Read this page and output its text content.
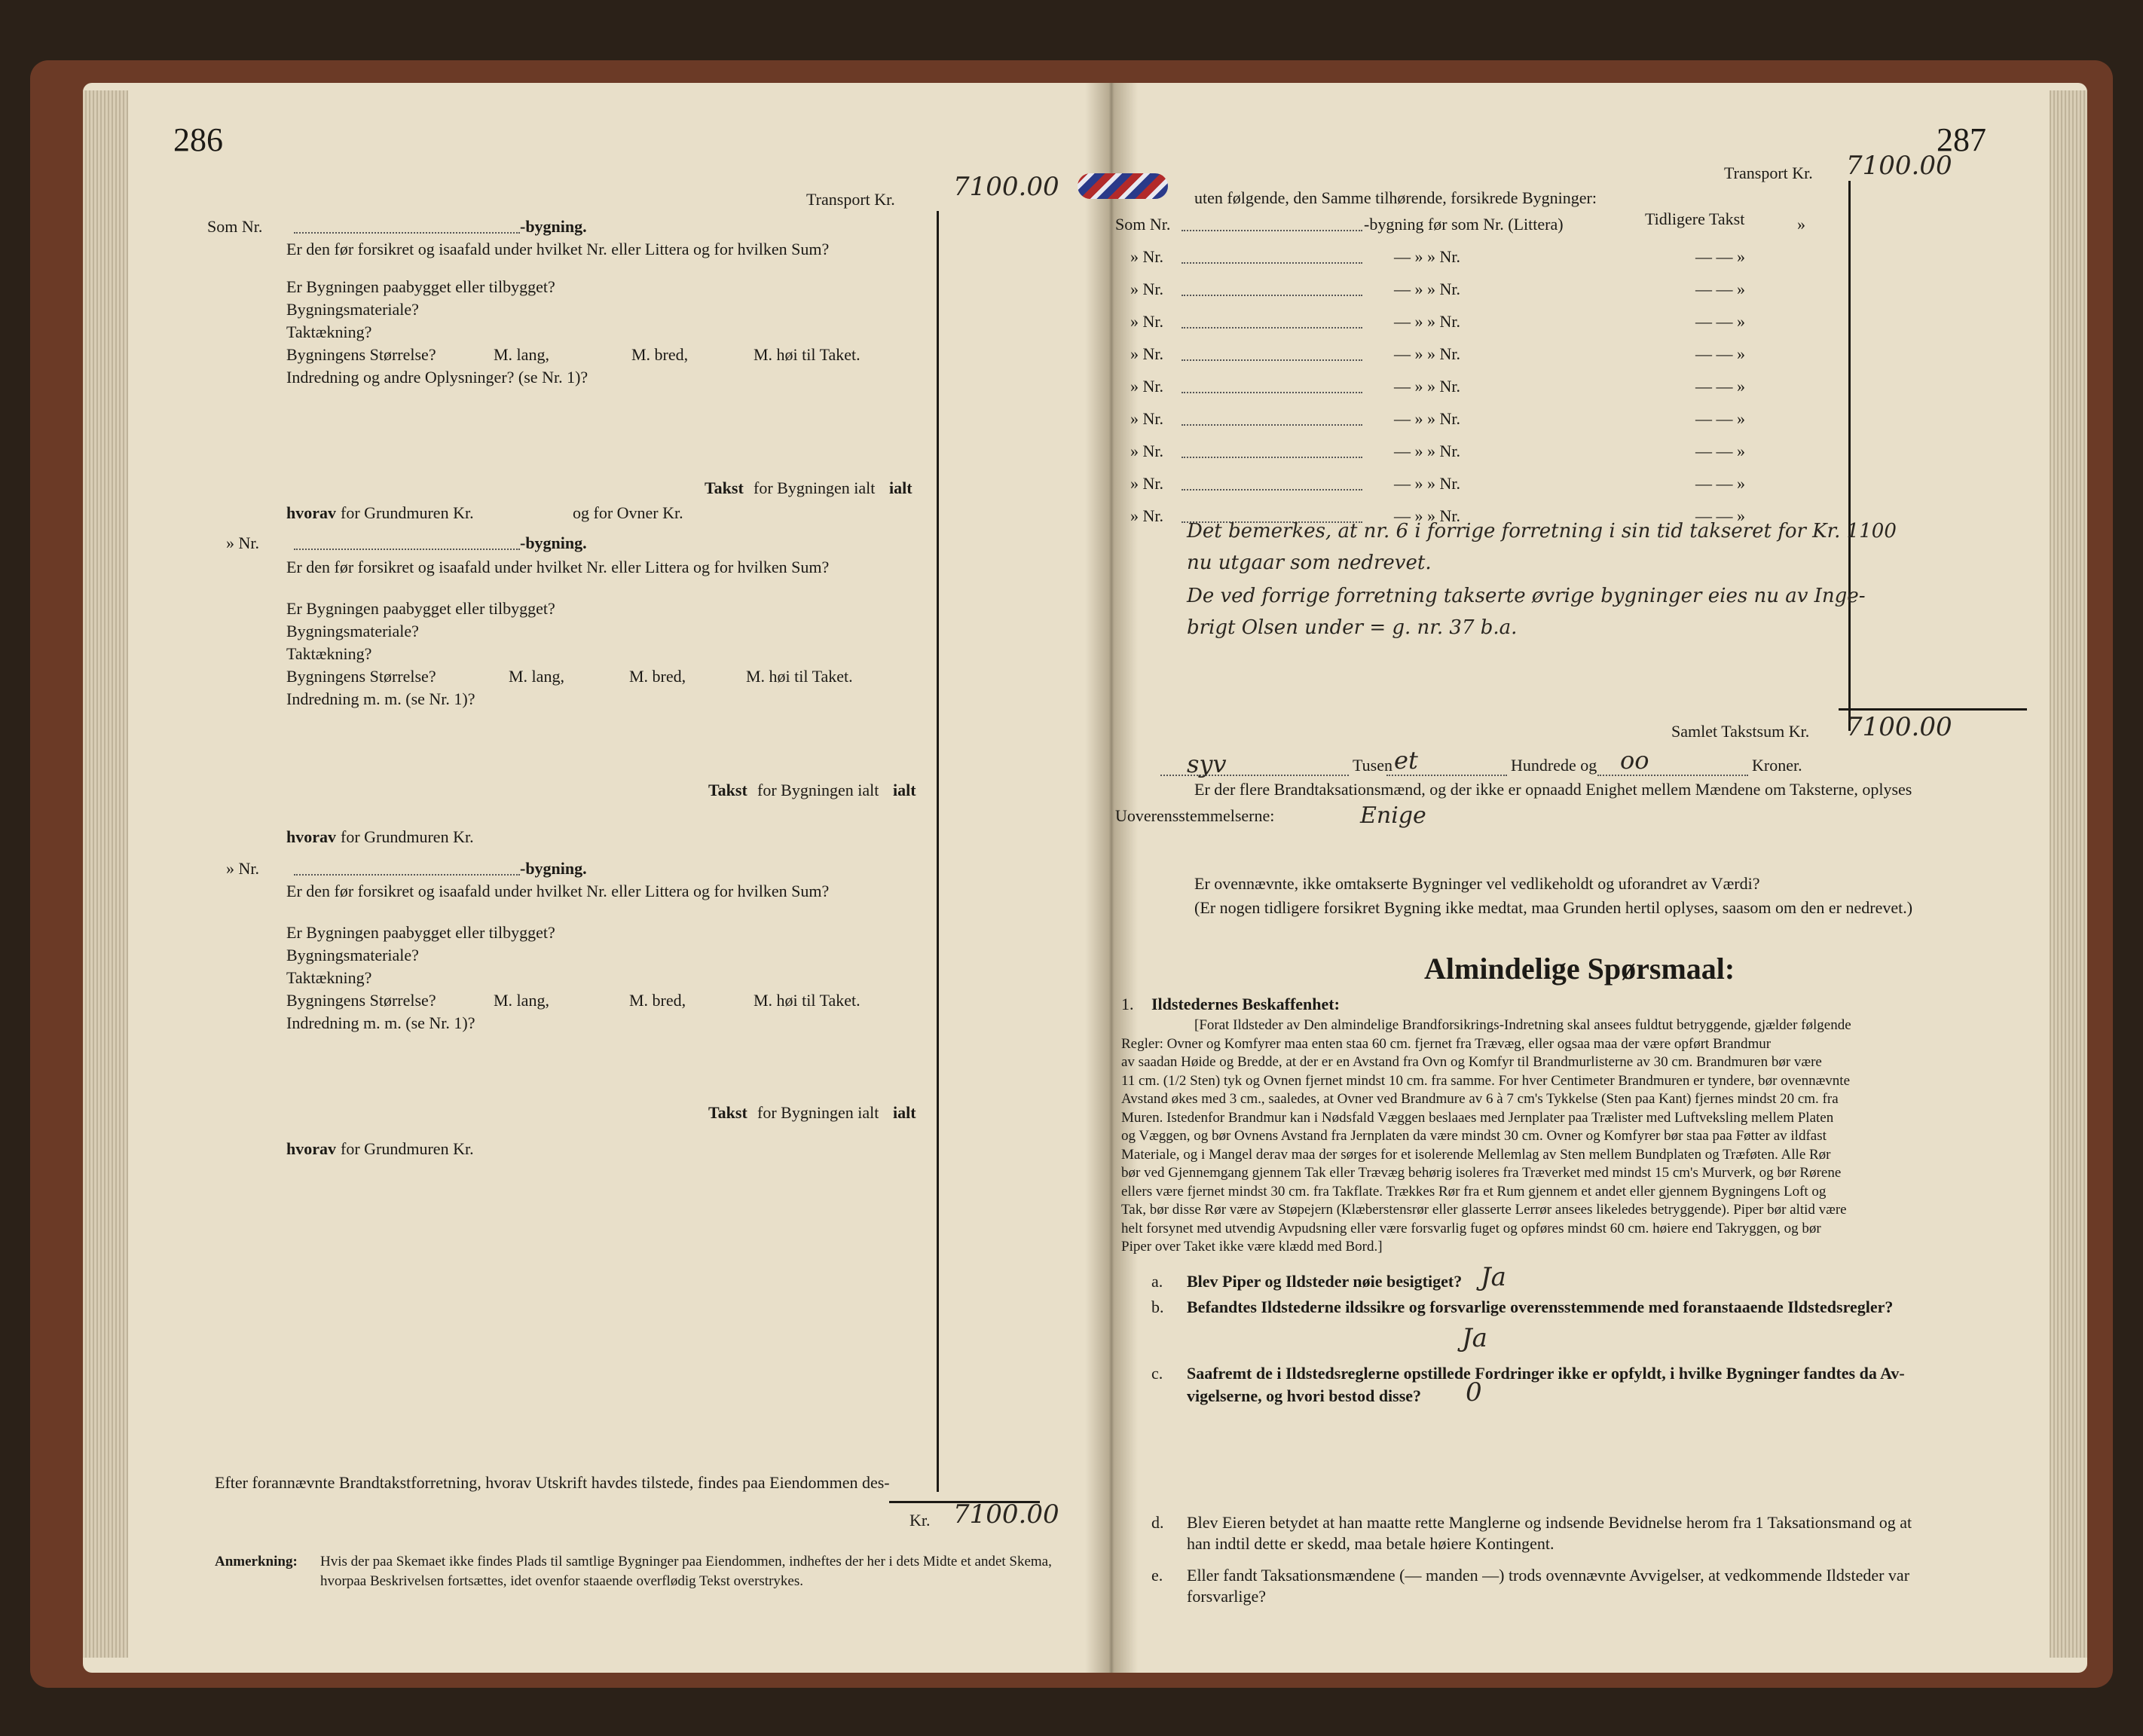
286
Transport Kr. 7100.00
Som Nr.	-bygning.
Er den før forsikret og isaafald under hvilket Nr. eller Littera og for hvilken Sum?
Er Bygningen paabygget eller tilbygget?
Bygningsmateriale?
Taktækning?
Bygningens Størrelse?	M. lang,	M. bred,	M. høi til Taket.
Indredning og andre Oplysninger? (se Nr. 1)?
Takst for Bygningen ialt ialt
hvorav for Grundmuren Kr.	og for Ovner Kr.
» Nr.	-bygning.
Er den før forsikret og isaafald under hvilket Nr. eller Littera og for hvilken Sum?
Er Bygningen paabygget eller tilbygget?
Bygningsmateriale?
Taktækning?
Bygningens Størrelse?	M. lang,	M. bred,	M. høi til Taket.
Indredning m. m. (se Nr. 1)?
Takst for Bygningen ialt ialt
hvorav for Grundmuren Kr.
» Nr.	-bygning.
Er den før forsikret og isaafald under hvilket Nr. eller Littera og for hvilken Sum?
Er Bygningen paabygget eller tilbygget?
Bygningsmateriale?
Taktækning?
Bygningens Størrelse?	M. lang,	M. bred,	M. høi til Taket.
Indredning m. m. (se Nr. 1)?
Takst for Bygningen ialt ialt
hvorav for Grundmuren Kr.
Efter forannævnte Brandtakstforretning, hvorav Utskrift havdes tilstede, findes paa Eiendommen des-
Kr. 7100.00
Anmerkning: Hvis der paa Skemaet ikke findes Plads til samtlige Bygninger paa Eiendommen, indheftes der her i dets Midte et andet Skema,
hvorpaa Beskrivelsen fortsættes, idet ovenfor staaende overflødig Tekst overstrykes.
287
Transport Kr. 7100.00
uten følgende, den Samme tilhørende, forsikrede Bygninger:
Som Nr.	-bygning før som Nr. (Littera)	Tidligere Takst	»
» Nr.	— » » Nr.	— — »
» Nr.	— » » Nr.	— — »
» Nr.	— » » Nr.	— — »
» Nr.	— » » Nr.	— — »
» Nr.	— » » Nr.	— — »
» Nr.	— » » Nr.	— — »
» Nr.	— » » Nr.	— — »
» Nr.	— » » Nr.	— — »
» Nr.	— » » Nr.	— — »
Det bemerkes, at nr. 6 i forrige forretning i sin tid takseret for Kr. 1100
nu utgaar som nedrevet.
De ved forrige forretning takserte øvrige bygninger eies nu av Inge-
brigt Olsen under = g. nr. 37 b.a.
Samlet Takstsum Kr. 7100.00
syv	Tusen et	Hundrede og oo	Kroner.
Er der flere Brandtaksationsmænd, og der ikke er opnaadd Enighet mellem Mændene om Taksterne, oplyses
Uoverensstemmelserne:	Enige
Er ovennævnte, ikke omtakserte Bygninger vel vedlikeholdt og uforandret av Værdi?
(Er nogen tidligere forsikret Bygning ikke medtat, maa Grunden hertil oplyses, saasom om den er nedrevet.)
Almindelige Spørsmaal:
1. Ildstedernes Beskaffenhet:
[Forat Ildsteder av Den almindelige Brandforsikrings-Indretning skal ansees fuldtut betryggende, gjælder følgende
Regler: Ovner og Komfyrer maa enten staa 60 cm. fjernet fra Trævæg, eller ogsaa maa der være opført Brandmur
av saadan Høide og Bredde, at der er en Avstand fra Ovn og Komfyr til Brandmurlisterne av 30 cm. Brandmuren bør være
11 cm. (1/2 Sten) tyk og Ovnen fjernet mindst 10 cm. fra samme. For hver Centimeter Brandmuren er tyndere, bør ovennævnte
Avstand økes med 3 cm., saaledes, at Ovner ved Brandmure av 6 à 7 cm's Tykkelse (Sten paa Kant) fjernes mindst 20 cm. fra
Muren. Istedenfor Brandmur kan i Nødsfald Væggen beslaaes med Jernplater paa Trælister med Luftveksling mellem Platen
og Væggen, og bør Ovnens Avstand fra Jernplaten da være mindst 30 cm. Ovner og Komfyrer bør staa paa Føtter av ildfast
Materiale, og i Mangel derav maa der sørges for et isolerende Mellemlag av Sten mellem Bundplaten og Træføten. Alle Rør
bør ved Gjennemgang gjennem Tak eller Trævæg behørig isoleres fra Træverket med mindst 15 cm's Murverk, og bør Rørene
ellers være fjernet mindst 30 cm. fra Takflate. Trækkes Rør fra et Rum gjennem et andet eller gjennem Bygningens Loft og
Tak, bør disse Rør være av Støpejern (Klæberstensrør eller glasserte Lerrør ansees likeledes betryggende). Piper bør altid være
helt forsynet med utvendig Avpudsning eller være forsvarlig fuget og opføres mindst 60 cm. høiere end Takryggen, og bør
Piper over Taket ikke være klædd med Bord.]
a. Blev Piper og Ildsteder nøie besigtiget? Ja
b. Befandtes Ildstederne ildssikre og forsvarlige overensstemmende med foranstaaende Ildstedsregler?
Ja
c. Saafremt de i Ildstedsreglerne opstillede Fordringer ikke er opfyldt, i hvilke Bygninger fandtes da Av-
vigelserne, og hvori bestod disse? 0
d. Blev Eieren betydet at han maatte rette Manglerne og indsende Bevidnelse herom fra 1 Taksationsmand og at
han indtil dette er skedd, maa betale høiere Kontingent.
e. Eller fandt Taksationsmændene (— manden —) trods ovennævnte Avvigelser, at vedkommende Ildsteder var
forsvarlige?
